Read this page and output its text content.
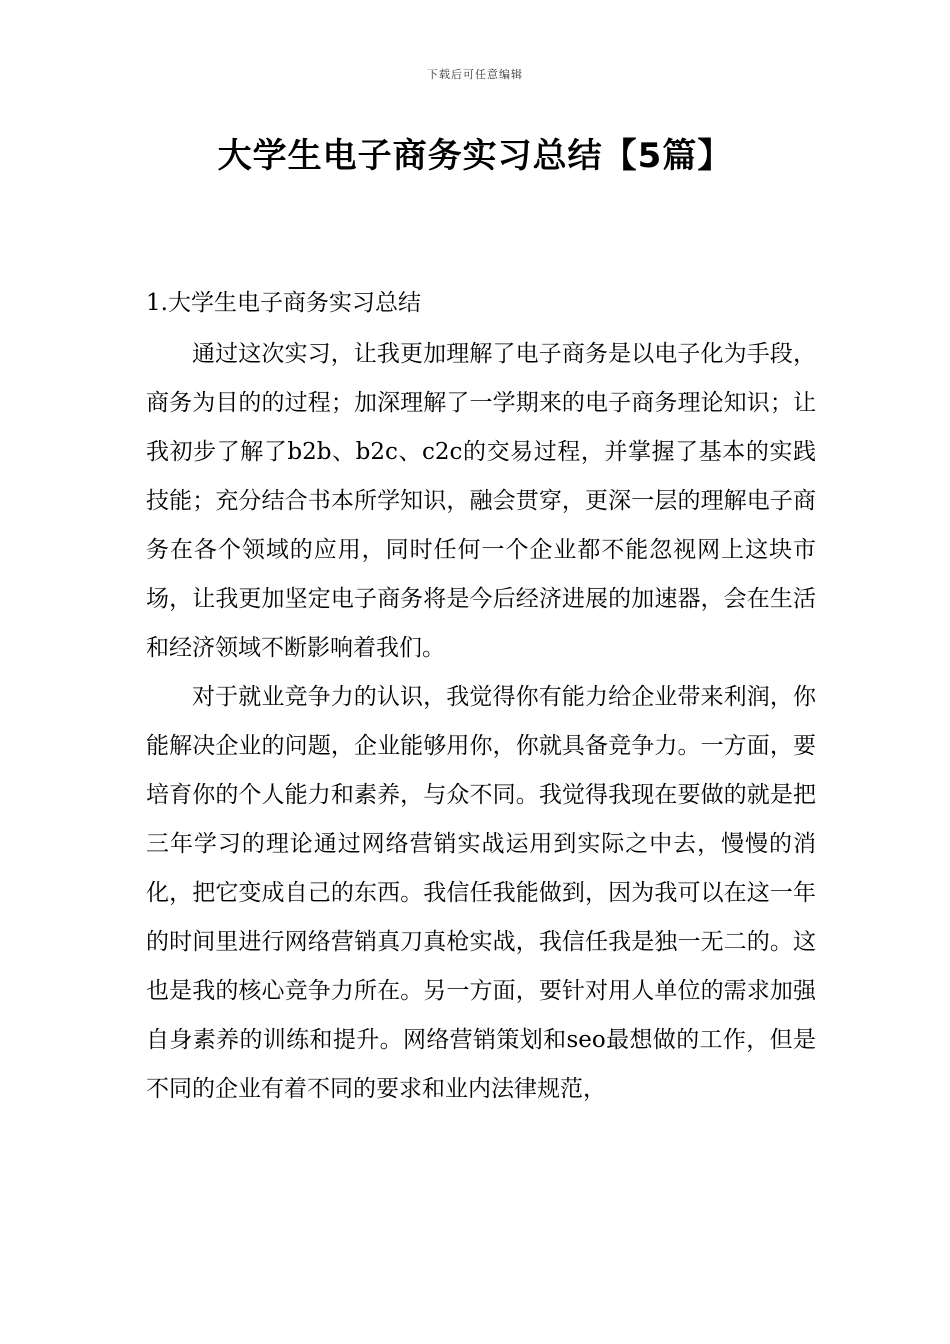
下载后可任意编辑
大学生电子商务实习总结【5篇】
1.大学生电子商务实习总结

通过这次实习，让我更加理解了电子商务是以电子化为手段，商务为目的的过程；加深理解了一学期来的电子商务理论知识；让我初步了解了b2b、b2c、c2c的交易过程，并掌握了基本的实践技能；充分结合书本所学知识，融会贯穿，更深一层的理解电子商务在各个领域的应用，同时任何一个企业都不能忽视网上这块市场，让我更加坚定电子商务将是今后经济进展的加速器，会在生活和经济领域不断影响着我们。

对于就业竞争力的认识，我觉得你有能力给企业带来利润，你能解决企业的问题，企业能够用你，你就具备竞争力。一方面，要培育你的个人能力和素养，与众不同。我觉得我现在要做的就是把三年学习的理论通过网络营销实战运用到实际之中去，慢慢的消化，把它变成自己的东西。我信任我能做到，因为我可以在这一年的时间里进行网络营销真刀真枪实战，我信任我是独一无二的。这也是我的核心竞争力所在。另一方面，要针对用人单位的需求加强自身素养的训练和提升。网络营销策划和seo最想做的工作，但是不同的企业有着不同的要求和业内法律规范，
